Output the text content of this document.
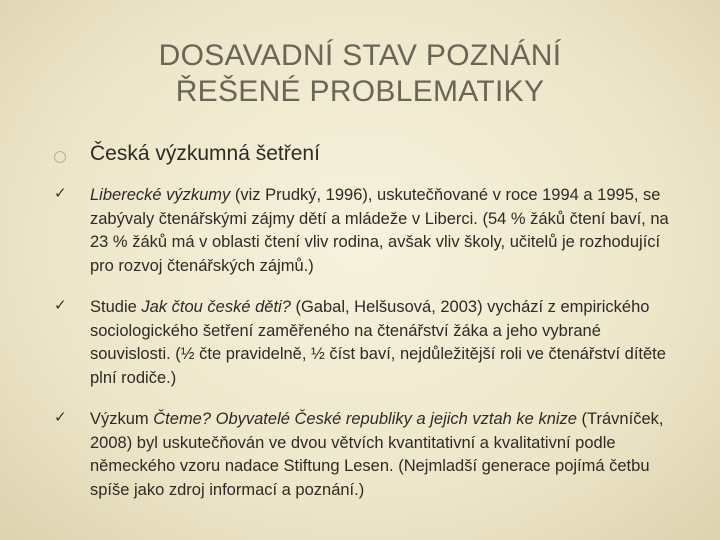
DOSAVADNÍ STAV POZNÁNÍ
ŘEŠENÉ PROBLEMATIKY
Česká výzkumná šetření
✓ Liberecké výzkumy (viz Prudký, 1996), uskutečňované v roce 1994 a 1995, se zabývaly čtenářskými zájmy dětí a mládeže v Liberci. (54 % žáků čtení baví, na 23 % žáků má v oblasti čtení vliv rodina, avšak vliv školy, učitelů je rozhodující pro rozvoj čtenářských zájmů.)
✓ Studie Jak čtou české děti? (Gabal, Helšusová, 2003) vychází z empirického sociologického šetření zaměřeného na čtenářství žáka a jeho vybrané souvislosti. (½ čte pravidelně, ½ číst baví, nejdůležitější roli ve čtenářství dítěte plní rodiče.)
✓ Výzkum Čteme? Obyvatelé České republiky a jejich vztah ke knize (Trávníček, 2008) byl uskutečňován ve dvou větvích kvantitativní a kvalitativní podle německého vzoru nadace Stiftung Lesen. (Nejmladší generace pojímá četbu spíše jako zdroj informací a poznání.)
